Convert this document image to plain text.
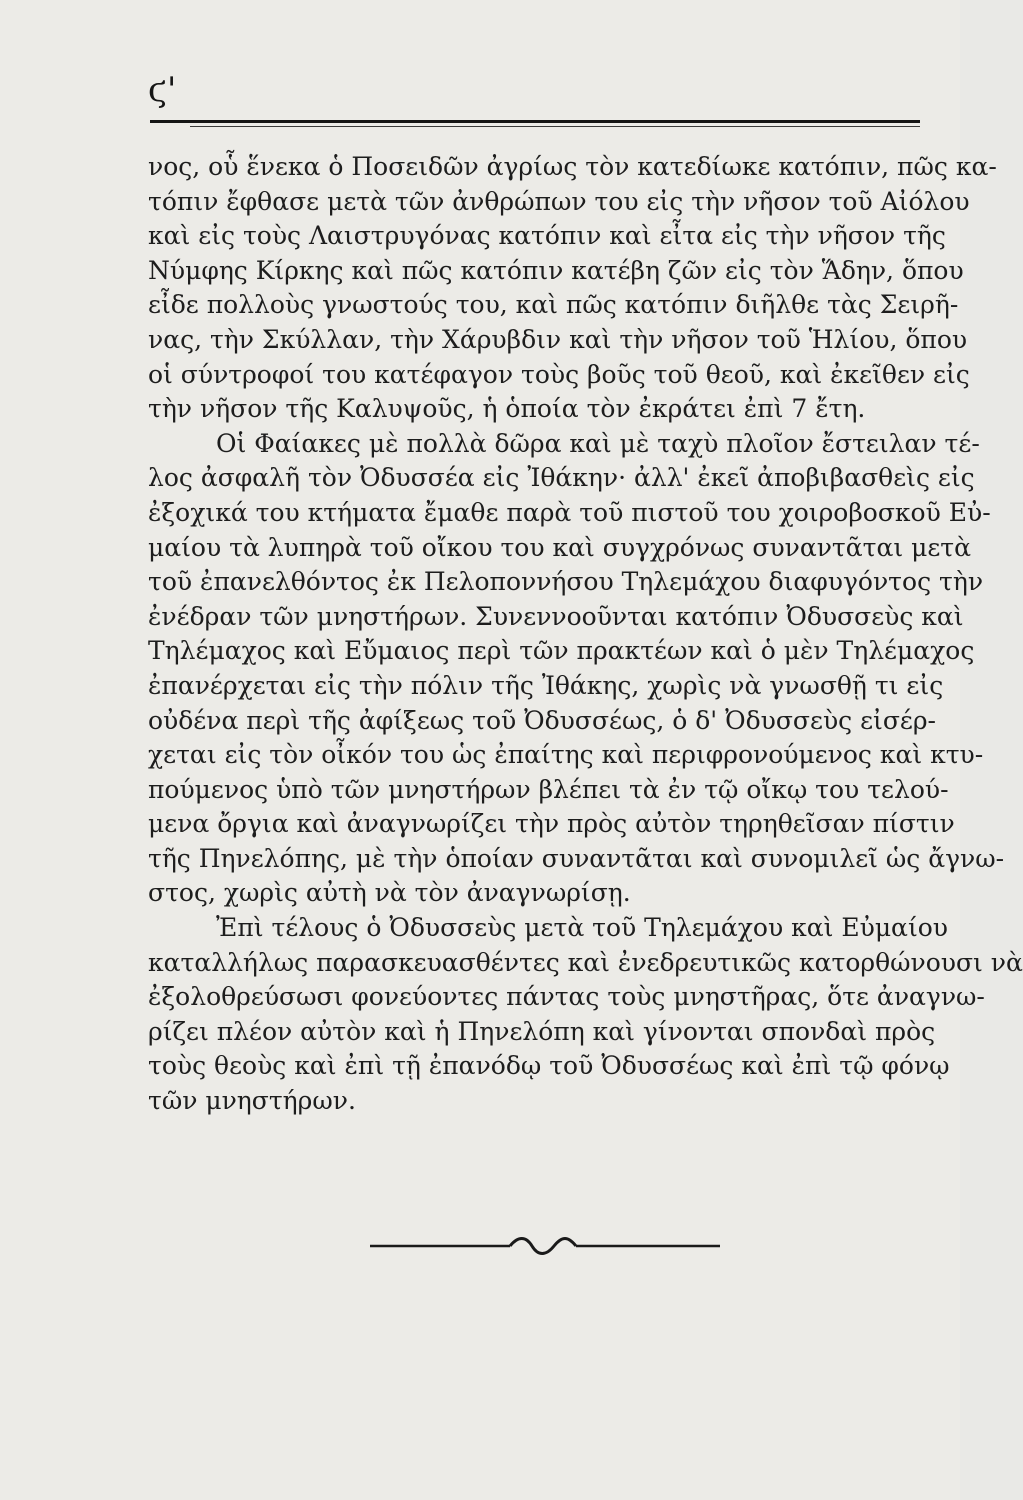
ϛ'
νος, οὗ ἕνεκα ὁ Ποσειδῶν ἀγρίως τὸν κατεδίωκε κατόπιν, πῶς κα-
τόπιν ἔφθασε μετὰ τῶν ἀνθρώπων του εἰς τὴν νῆσον τοῦ Αἰόλου
καὶ εἰς τοὺς Λαιστρυγόνας κατόπιν καὶ εἶτα εἰς τὴν νῆσον τῆς
Νύμφης Κίρκης καὶ πῶς κατόπιν κατέβη ζῶν εἰς τὸν Ἅδην, ὅπου
εἶδε πολλοὺς γνωστούς του, καὶ πῶς κατόπιν διῆλθε τὰς Σειρῆ-
νας, τὴν Σκύλλαν, τὴν Χάρυβδιν καὶ τὴν νῆσον τοῦ Ἡλίου, ὅπου
οἱ σύντροφοί του κατέφαγον τοὺς βοῦς τοῦ θεοῦ, καὶ ἐκεῖθεν εἰς
τὴν νῆσον τῆς Καλυψοῦς, ἡ ὁποία τὸν ἐκράτει ἐπὶ 7 ἔτη.
Οἱ Φαίακες μὲ πολλὰ δῶρα καὶ μὲ ταχὺ πλοῖον ἔστειλαν τέ-
λος ἀσφαλῆ τὸν Ὀδυσσέα εἰς Ἰθάκην· ἀλλ' ἐκεῖ ἀποβιβασθεὶς εἰς
ἐξοχικά του κτήματα ἔμαθε παρὰ τοῦ πιστοῦ του χοιροβοσκοῦ Εὐ-
μαίου τὰ λυπηρὰ τοῦ οἴκου του καὶ συγχρόνως συναντᾶται μετὰ
τοῦ ἐπανελθόντος ἐκ Πελοποννήσου Τηλεμάχου διαφυγόντος τὴν
ἐνέδραν τῶν μνηστήρων. Συνεννοοῦνται κατόπιν Ὀδυσσεὺς καὶ
Τηλέμαχος καὶ Εὔμαιος περὶ τῶν πρακτέων καὶ ὁ μὲν Τηλέμαχος
ἐπανέρχεται εἰς τὴν πόλιν τῆς Ἰθάκης, χωρὶς νὰ γνωσθῇ τι εἰς
οὐδένα περὶ τῆς ἀφίξεως τοῦ Ὀδυσσέως, ὁ δ' Ὀδυσσεὺς εἰσέρ-
χεται εἰς τὸν οἶκόν του ὡς ἐπαίτης καὶ περιφρονούμενος καὶ κτυ-
πούμενος ὑπὸ τῶν μνηστήρων βλέπει τὰ ἐν τῷ οἴκῳ του τελού-
μενα ὄργια καὶ ἀναγνωρίζει τὴν πρὸς αὐτὸν τηρηθεῖσαν πίστιν
τῆς Πηνελόπης, μὲ τὴν ὁποίαν συναντᾶται καὶ συνομιλεῖ ὡς ἄγνω-
στος, χωρὶς αὐτὴ νὰ τὸν ἀναγνωρίσῃ.
Ἐπὶ τέλους ὁ Ὀδυσσεὺς μετὰ τοῦ Τηλεμάχου καὶ Εὐμαίου
καταλλήλως παρασκευασθέντες καὶ ἐνεδρευτικῶς κατορθώνουσι νὰ
ἐξολοθρεύσωσι φονεύοντες πάντας τοὺς μνηστῆρας, ὅτε ἀναγνω-
ρίζει πλέον αὐτὸν καὶ ἡ Πηνελόπη καὶ γίνονται σπονδαὶ πρὸς
τοὺς θεοὺς καὶ ἐπὶ τῇ ἐπανόδῳ τοῦ Ὀδυσσέως καὶ ἐπὶ τῷ φόνῳ
τῶν μνηστήρων.
